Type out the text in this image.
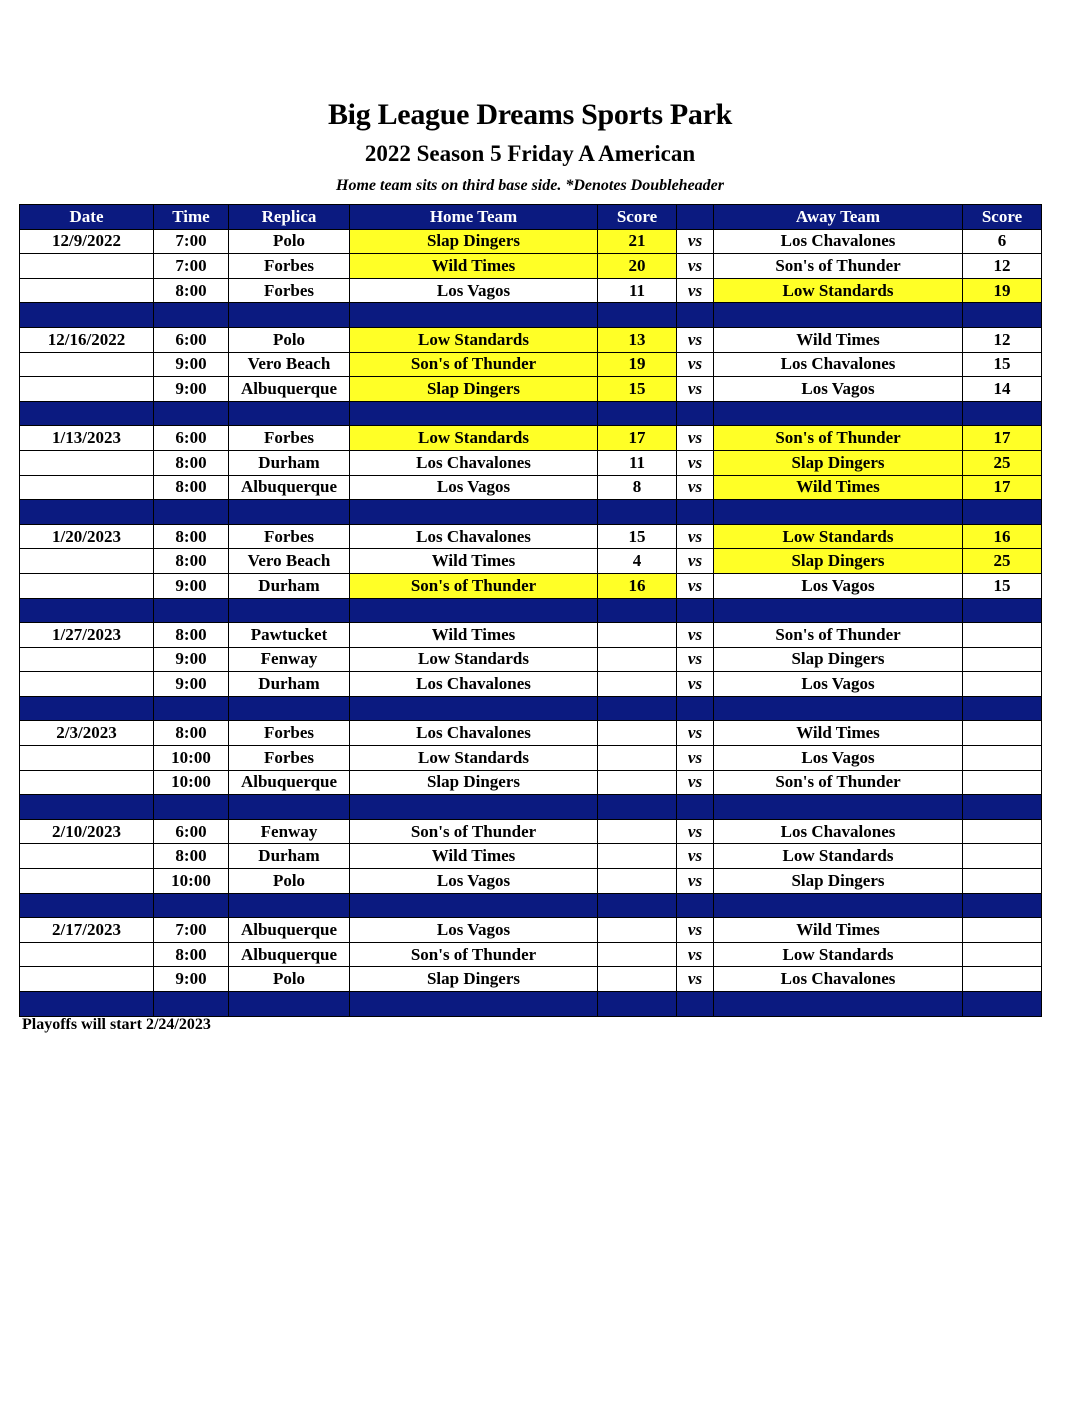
Big League Dreams Sports Park
2022 Season 5 Friday A American
Home team sits on third base side. *Denotes Doubleheader
Date	Time	Replica	Home Team	Score		Away Team	Score
12/9/2022	7:00	Polo	Slap Dingers	21	vs	Los Chavalones	6
	7:00	Forbes	Wild Times	20	vs	Son's of Thunder	12
	8:00	Forbes	Los Vagos	11	vs	Low Standards	19

12/16/2022	6:00	Polo	Low Standards	13	vs	Wild Times	12
	9:00	Vero Beach	Son's of Thunder	19	vs	Los Chavalones	15
	9:00	Albuquerque	Slap Dingers	15	vs	Los Vagos	14

1/13/2023	6:00	Forbes	Low Standards	17	vs	Son's of Thunder	17
	8:00	Durham	Los Chavalones	11	vs	Slap Dingers	25
	8:00	Albuquerque	Los Vagos	8	vs	Wild Times	17

1/20/2023	8:00	Forbes	Los Chavalones	15	vs	Low Standards	16
	8:00	Vero Beach	Wild Times	4	vs	Slap Dingers	25
	9:00	Durham	Son's of Thunder	16	vs	Los Vagos	15

1/27/2023	8:00	Pawtucket	Wild Times		vs	Son's of Thunder	
	9:00	Fenway	Low Standards		vs	Slap Dingers	
	9:00	Durham	Los Chavalones		vs	Los Vagos	

2/3/2023	8:00	Forbes	Los Chavalones		vs	Wild Times	
	10:00	Forbes	Low Standards		vs	Los Vagos	
	10:00	Albuquerque	Slap Dingers		vs	Son's of Thunder	

2/10/2023	6:00	Fenway	Son's of Thunder		vs	Los Chavalones	
	8:00	Durham	Wild Times		vs	Low Standards	
	10:00	Polo	Los Vagos		vs	Slap Dingers	

2/17/2023	7:00	Albuquerque	Los Vagos		vs	Wild Times	
	8:00	Albuquerque	Son's of Thunder		vs	Low Standards	
	9:00	Polo	Slap Dingers		vs	Los Chavalones	

Playoffs will start 2/24/2023
